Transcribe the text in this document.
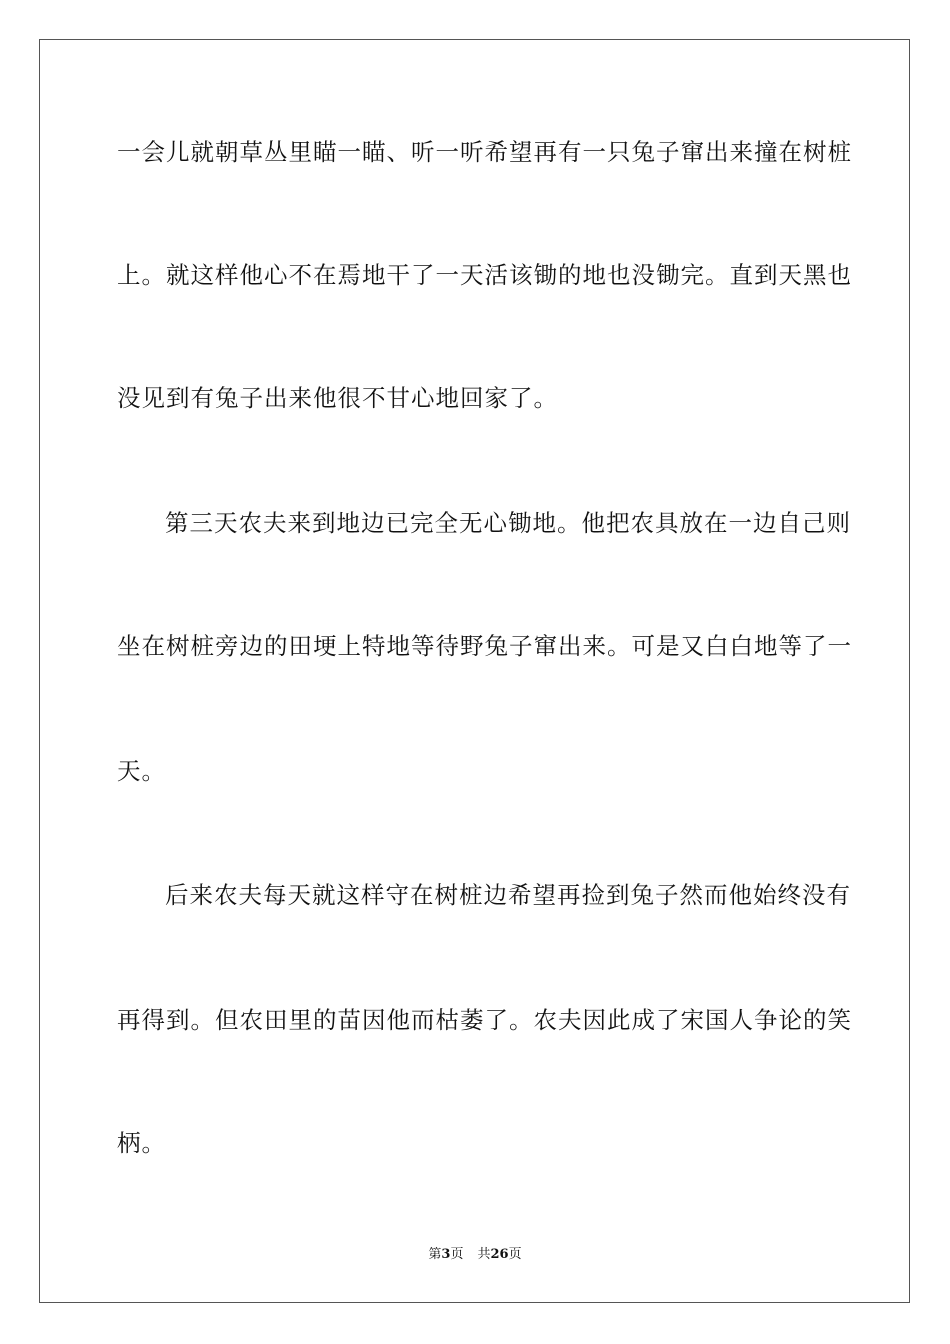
一会儿就朝草丛里瞄一瞄、听一听希望再有一只兔子窜出来撞在树桩
上。就这样他心不在焉地干了一天活该锄的地也没锄完。直到天黑也
没见到有兔子出来他很不甘心地回家了。
第三天农夫来到地边已完全无心锄地。他把农具放在一边自己则
坐在树桩旁边的田埂上特地等待野兔子窜出来。可是又白白地等了一
天。
后来农夫每天就这样守在树桩边希望再捡到兔子然而他始终没有
再得到。但农田里的苗因他而枯萎了。农夫因此成了宋国人争论的笑
柄。
第3页 共26页
